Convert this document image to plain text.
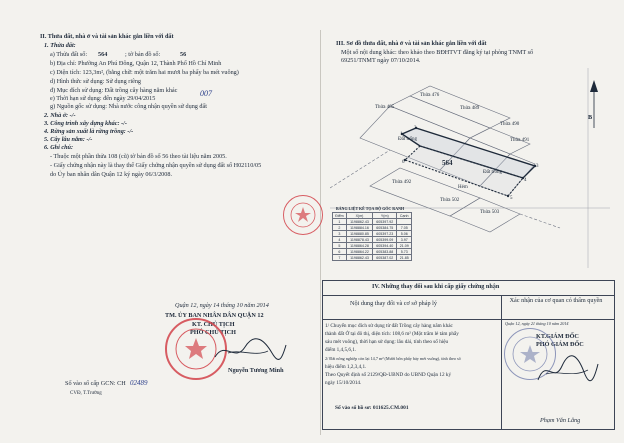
II. Thửa đất, nhà ở và tài sản khác gắn liền với đất
1. Thửa đất:
a) Thửa đất số: 564	; tờ bản đồ số:	56
b) Địa chỉ: Phường An Phú Đông, Quận 12, Thành Phố Hồ Chí Minh
c) Diện tích: 123,3m², (bằng chữ: một trăm hai mươi ba phẩy ba mét vuông)
d) Hình thức sử dụng: Sử dụng riêng
đ) Mục đích sử dụng: Đất trồng cây hàng năm khác
e) Thời hạn sử dụng: đến ngày 29/04/2015
007
g) Nguồn gốc sử dụng: Nhà nước công nhận quyền sử dụng đất
2. Nhà ở: -/-
3. Công trình xây dựng khác: -/-
4. Rừng sản xuất là rừng trồng: -/-
5. Cây lâu năm: -/-
6. Ghi chú:
- Thuộc một phần thửa 108 (cũ) tờ bản đồ số 56 theo tài liệu năm 2005.
- Giấy chứng nhận này là thay thế Giấy chứng nhận quyền sử dụng đất số H02110/05
do Ủy ban nhân dân Quận 12 ký ngày 06/3/2008.
Quận 12, ngày 14 tháng 10 năm 2014
TM. ỦY BAN NHÂN DÂN QUẬN 12
KT. CHỦ TỊCH
PHÓ CHỦ TỊCH
Nguyễn Tương Minh
Số vào sổ cấp GCN: CH 02489
CVĐ, T.Trường
III. Sơ đồ thửa đất, nhà ở và tài sản khác gắn liền với đất
Một số nội dung khác: theo khảo theo BĐHTVT đăng ký tại phòng TNMT số
69251/TNMT ngày 07/10/2014.
564
B
Thửa 485
Thửa 476
Thửa 489
Thửa 490
Thửa 491
Thửa 492
Thửa 502
Thửa 503
Đất trống
Đất trống
Hẻm
1
2
3
4
5
6
BẢNG LIỆT KÊ TỌA ĐỘ GÓC RANH
Điểm	X(m)	Y(m)	Cạnh
1	1198862.43	605397.92	
2	1198884.16	605384.75	7.05
3	1198880.85	605397.23	5.06
4	1198878.43	605399.09	3.97
5	1198864.28	605394.40	21.09
6	1198864.22	605383.88	5.73
7	1198862.43	605387.02	21.85
IV. Những thay đổi sau khi cấp giấy chứng nhận
Nội dung thay đổi và cơ sở pháp lý	Xác nhận của cơ quan có thẩm quyền
1/ Chuyển mục đích sử dụng từ đất Trồng cây hàng năm khác
thành đất Ở tại đô thị, diện tích: 108,6 m² (Một trăm lẻ tám phẩy
sáu mét vuông), thời hạn sử dụng: lâu dài, tính theo số hiệu
điểm 1,4,5,6,1.
2/ Đất nông nghiệp còn lại 14,7 m² (Mười bốn phẩy bảy mét vuông), tính theo số
hiệu điểm 1,2,3,4,1.
Theo Quyết định số 2129/QĐ-UBND do UBND Quận 12 ký
ngày 15/10/2014.
Số vào sổ hồ sơ: 011625.CM.001
Quận 12, ngày 21 tháng 10 năm 2014
KT.GIÁM ĐỐC
PHÓ GIÁM ĐỐC
Phạm Văn Lăng
